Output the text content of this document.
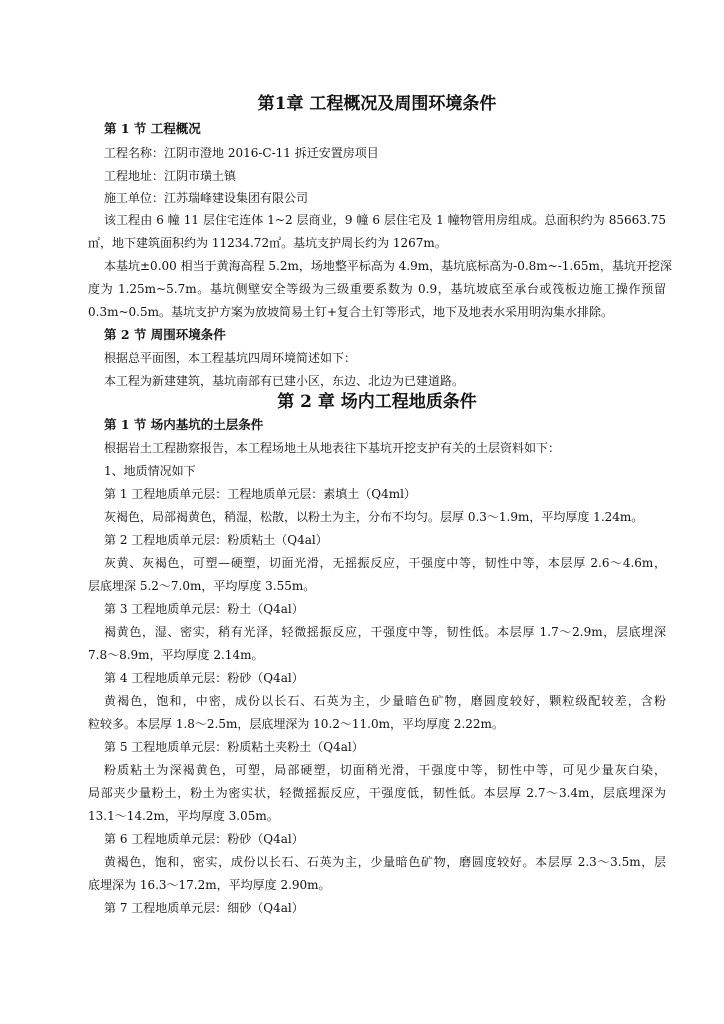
第1章 工程概况及周围环境条件
第 1 节 工程概况
工程名称：江阴市澄地 2016-C-11 拆迁安置房项目
工程地址：江阴市璜土镇
施工单位：江苏瑞峰建设集团有限公司
该工程由 6 幢 11 层住宅连体 1~2 层商业，9 幢 6 层住宅及 1 幢物管用房组成。总面积约为 85663.75
㎡，地下建筑面积约为 11234.72㎡。基坑支护周长约为 1267m。
本基坑±0.00 相当于黄海高程 5.2m，场地整平标高为 4.9m，基坑底标高为-0.8m~-1.65m，基坑开挖深
度为 1.25m~5.7m。基坑侧壁安全等级为三级重要系数为 0.9，基坑坡底至承台或筏板边施工操作预留
0.3m~0.5m。基坑支护方案为放坡简易土钉+复合土钉等形式，地下及地表水采用明沟集水排除。
第 2 节 周围环境条件
根据总平面图，本工程基坑四周环境简述如下：
本工程为新建建筑，基坑南部有已建小区，东边、北边为已建道路。
第 2 章 场内工程地质条件
第 1 节 场内基坑的土层条件
根据岩土工程勘察报告，本工程场地土从地表往下基坑开挖支护有关的土层资料如下：
1、地质情况如下
第 1 工程地质单元层：工程地质单元层：素填土（Q4ml）
灰褐色，局部褐黄色，稍湿，松散，以粉土为主，分布不均匀。层厚 0.3～1.9m，平均厚度 1.24m。
第 2 工程地质单元层：粉质粘土（Q4al）
灰黄、灰褐色，可塑—硬塑，切面光滑，无摇振反应，干强度中等，韧性中等，本层厚 2.6～4.6m，
层底埋深 5.2～7.0m，平均厚度 3.55m。
第 3 工程地质单元层：粉土（Q4al）
褐黄色，湿、密实，稍有光泽，轻微摇振反应，干强度中等，韧性低。本层厚 1.7～2.9m，层底埋深
7.8～8.9m，平均厚度 2.14m。
第 4 工程地质单元层：粉砂（Q4al）
黄褐色，饱和，中密，成份以长石、石英为主，少量暗色矿物，磨圆度较好，颗粒级配较差，含粉
粒较多。本层厚 1.8～2.5m，层底埋深为 10.2～11.0m，平均厚度 2.22m。
第 5 工程地质单元层：粉质粘土夹粉土（Q4al）
粉质粘土为深褐黄色，可塑，局部硬塑，切面稍光滑，干强度中等，韧性中等，可见少量灰白染，
局部夹少量粉土，粉土为密实状，轻微摇振反应，干强度低，韧性低。本层厚 2.7～3.4m，层底埋深为
13.1～14.2m，平均厚度 3.05m。
第 6 工程地质单元层：粉砂（Q4al）
黄褐色，饱和，密实，成份以长石、石英为主，少量暗色矿物，磨圆度较好。本层厚 2.3～3.5m，层
底埋深为 16.3～17.2m，平均厚度 2.90m。
第 7 工程地质单元层：细砂（Q4al）
